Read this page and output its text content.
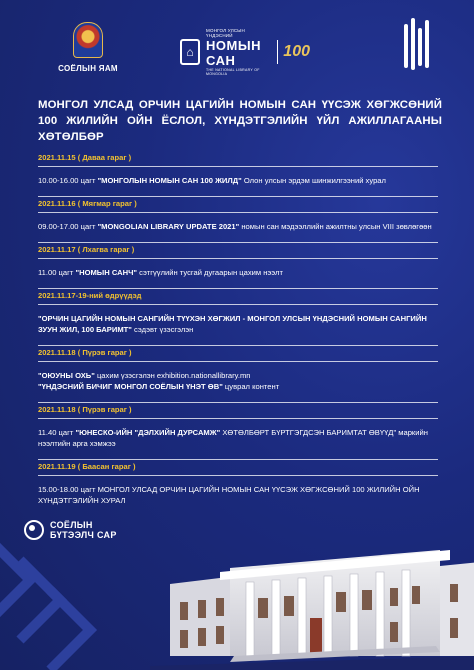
СОЁЛЫН ЯАМ
⌂
МОНГОЛ УЛСЫН ҮНДЭСНИЙ
НОМЫН САН
THE NATIONAL LIBRARY OF MONGOLIA
100
МОНГОЛ УЛСАД ОРЧИН ЦАГИЙН НОМЫН САН ҮҮСЭЖ ХӨГЖСӨНИЙ 100 ЖИЛИЙН ОЙН ЁСЛОЛ, ХҮНДЭТГЭЛИЙН ҮЙЛ АЖИЛЛАГААНЫ ХӨТӨЛБӨР
2021.11.15 ( Даваа гараг )
10.00-16.00 цагт "МОНГОЛЫН НОМЫН САН 100 ЖИЛД" Олон улсын эрдэм шинжилгээний хурал
2021.11.16 ( Мягмар гараг )
09.00-17.00 цагт "MONGOLIAN LIBRARY UPDATE 2021" номын сан мэдээллийн ажилтны улсын VIII зөвлөгөөн
2021.11.17 ( Лхагва гараг )
11.00 цагт "НОМЫН САНЧ" сэтгүүлийн тусгай дугаарын цахим нээлт
2021.11.17-19-ний өдрүүдэд
"ОРЧИН ЦАГИЙН НОМЫН САНГИЙН ТҮҮХЭН ХӨГЖИЛ - МОНГОЛ УЛСЫН ҮНДЭСНИЙ НОМЫН САНГИЙН ЗУУН ЖИЛ, 100 БАРИМТ" сэдэвт үзэсгэлэн
2021.11.18 ( Пүрэв гараг )
"ОЮУНЫ ОХЬ" цахим үзэсгэлэн exhibition.nationallibrary.mn
"ҮНДЭСНИЙ БИЧИГ МОНГОЛ СОЁЛЫН ҮНЭТ ӨВ" цуврал контент
2021.11.18 ( Пүрэв гараг )
11.40 цагт "ЮНЕСКО-ИЙН "ДЭЛХИЙН ДУРСАМЖ" ХӨТӨЛБӨРТ БҮРТГЭГДСЭН БАРИМТАТ ӨВҮҮД" маркийн нээлтийн арга хэмжээ
2021.11.19 ( Баасан гараг )
15.00-18.00 цагт МОНГОЛ УЛСАД ОРЧИН ЦАГИЙН НОМЫН САН ҮҮСЭЖ ХӨГЖСӨНИЙ 100 ЖИЛИЙН ОЙН ХҮНДЭТГЭЛИЙН ХУРАЛ
СОЁЛЫН
БҮТЭЭЛЧ САР
